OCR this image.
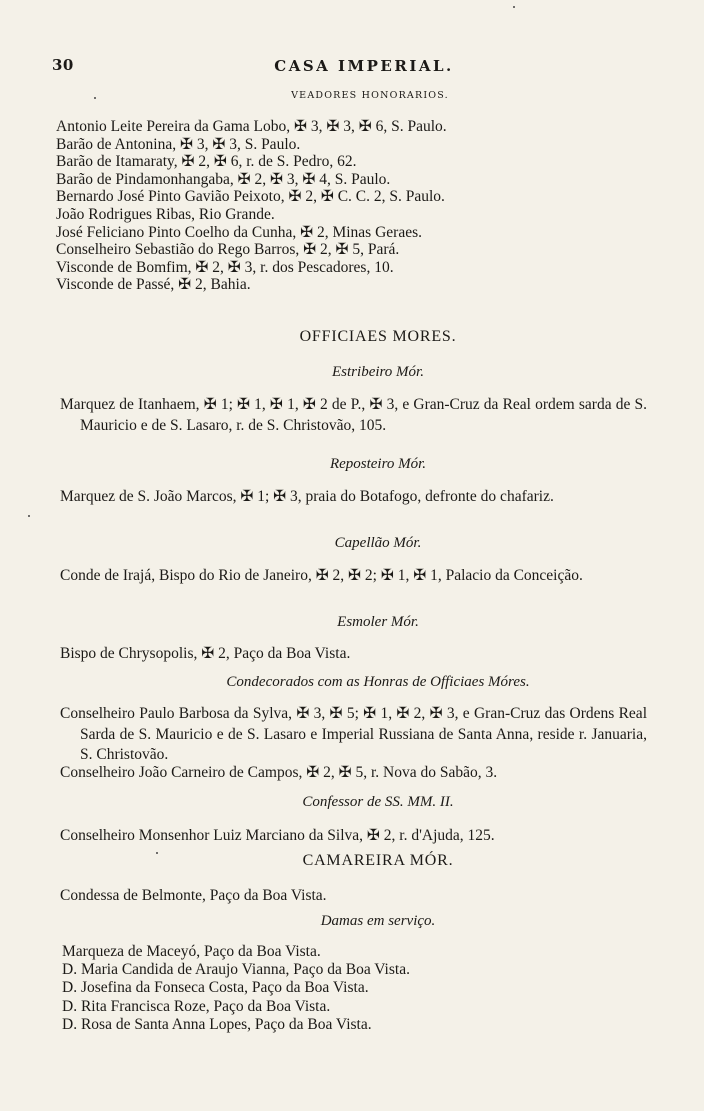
30	CASA IMPERIAL.
VEADORES HONORARIOS.
Antonio Leite Pereira da Gama Lobo, ✠ 3, ✠ 3, ✠ 6, S. Paulo.
Barão de Antonina, ✠ 3, ✠ 3, S. Paulo.
Barão de Itamaraty, ✠ 2, ✠ 6, r. de S. Pedro, 62.
Barão de Pindamonhangaba, ✠ 2, ✠ 3, ✠ 4, S. Paulo.
Bernardo José Pinto Gavião Peixoto, ✠ 2, ✠ C. C. 2, S. Paulo.
João Rodrigues Ribas, Rio Grande.
José Feliciano Pinto Coelho da Cunha, ✠ 2, Minas Geraes.
Conselheiro Sebastião do Rego Barros, ✠ 2, ✠ 5, Pará.
Visconde de Bomfim, ✠ 2, ✠ 3, r. dos Pescadores, 10.
Visconde de Passé, ✠ 2, Bahia.
OFFICIAES MORES.
Estribeiro Mór.
Marquez de Itanhaem, ✠ 1; ✠ 1, ✠ 1, ✠ 2 de P., ✠ 3, e Gran-Cruz da Real ordem sarda de S. Mauricio e de S. Lasaro, r. de S. Christovão, 105.
Reposteiro Mór.
Marquez de S. João Marcos, ✠ 1; ✠ 3, praia do Botafogo, defronte do chafariz.
Capellão Mór.
Conde de Irajá, Bispo do Rio de Janeiro, ✠ 2, ✠ 2; ✠ 1, ✠ 1, Palacio da Conceição.
Esmoler Mór.
Bispo de Chrysopolis, ✠ 2, Paço da Boa Vista.
Condecorados com as Honras de Officiaes Móres.
Conselheiro Paulo Barbosa da Sylva, ✠ 3, ✠ 5; ✠ 1, ✠ 2, ✠ 3, e Gran-Cruz das Ordens Real Sarda de S. Mauricio e de S. Lasaro e Imperial Russiana de Santa Anna, reside r. Januaria, S. Christovão.
Conselheiro João Carneiro de Campos, ✠ 2, ✠ 5, r. Nova do Sabão, 3.
Confessor de SS. MM. II.
Conselheiro Monsenhor Luiz Marciano da Silva, ✠ 2, r. d'Ajuda, 125.
CAMAREIRA MÓR.
Condessa de Belmonte, Paço da Boa Vista.
Damas em serviço.
Marqueza de Maceyó, Paço da Boa Vista.
D. Maria Candida de Araujo Vianna, Paço da Boa Vista.
D. Josefina da Fonseca Costa, Paço da Boa Vista.
D. Rita Francisca Roze, Paço da Boa Vista.
D. Rosa de Santa Anna Lopes, Paço da Boa Vista.
